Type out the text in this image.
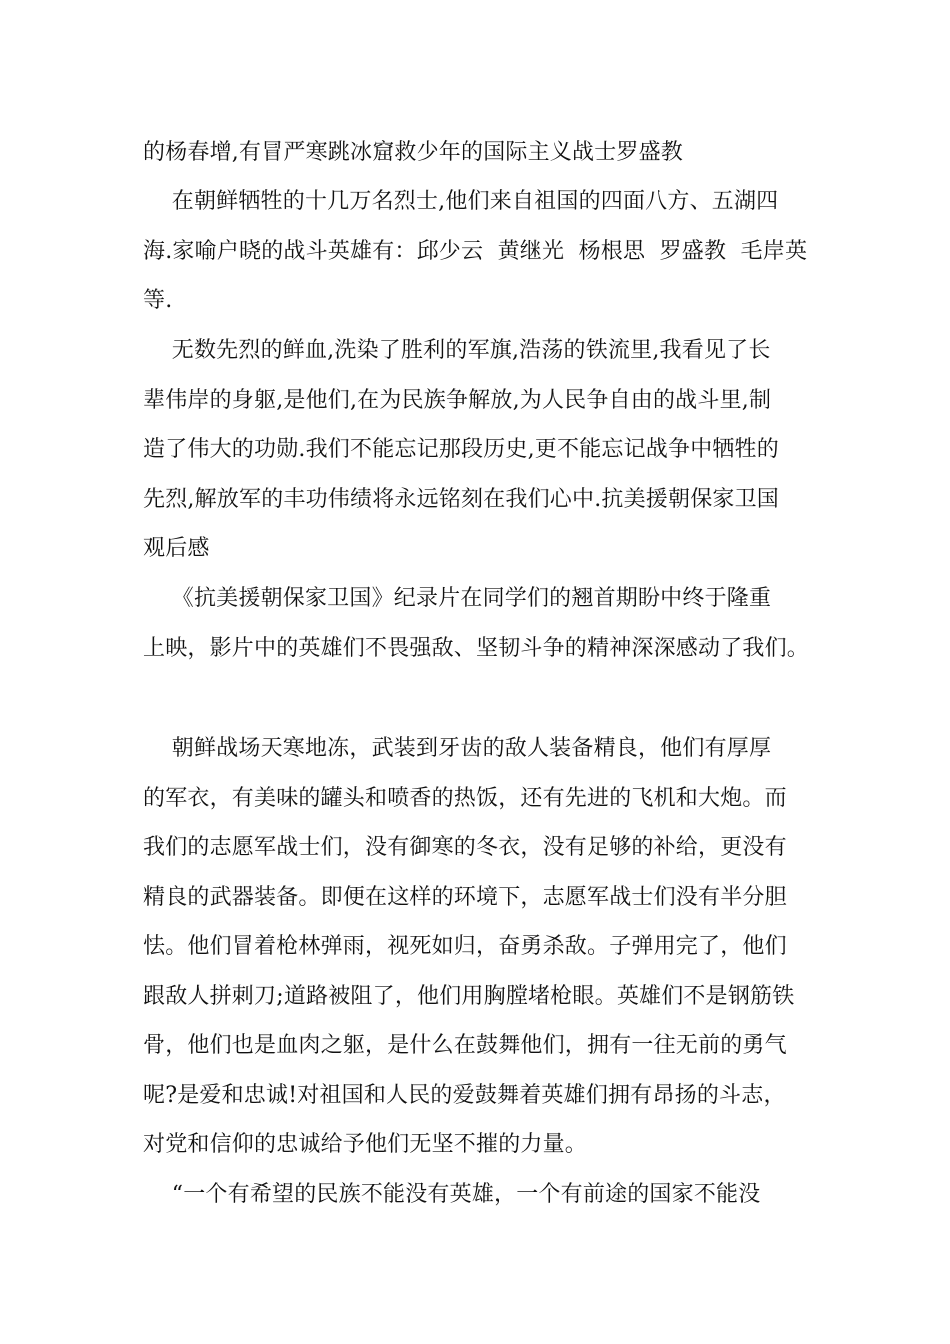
的杨春增,有冒严寒跳冰窟救少年的国际主义战士罗盛教

在朝鲜牺牲的十几万名烈士,他们来自祖国的四面八方、五湖四

海.家喻户晓的战斗英雄有：邱少云  黄继光  杨根思  罗盛教  毛岸英

等.

无数先烈的鲜血,洗染了胜利的军旗,浩荡的铁流里,我看见了长

辈伟岸的身躯,是他们,在为民族争解放,为人民争自由的战斗里,制

造了伟大的功勋.我们不能忘记那段历史,更不能忘记战争中牺牲的

先烈,解放军的丰功伟绩将永远铭刻在我们心中.抗美援朝保家卫国

观后感

《抗美援朝保家卫国》纪录片在同学们的翘首期盼中终于隆重

上映，影片中的英雄们不畏强敌、坚韧斗争的精神深深感动了我们。

朝鲜战场天寒地冻，武装到牙齿的敌人装备精良，他们有厚厚

的军衣，有美味的罐头和喷香的热饭，还有先进的飞机和大炮。而

我们的志愿军战士们，没有御寒的冬衣，没有足够的补给，更没有

精良的武器装备。即便在这样的环境下，志愿军战士们没有半分胆

怯。他们冒着枪林弹雨，视死如归，奋勇杀敌。子弹用完了，他们

跟敌人拼刺刀;道路被阻了，他们用胸膛堵枪眼。英雄们不是钢筋铁

骨，他们也是血肉之躯，是什么在鼓舞他们，拥有一往无前的勇气

呢?是爱和忠诚!对祖国和人民的爱鼓舞着英雄们拥有昂扬的斗志，

对党和信仰的忠诚给予他们无坚不摧的力量。

“一个有希望的民族不能没有英雄，一个有前途的国家不能没
